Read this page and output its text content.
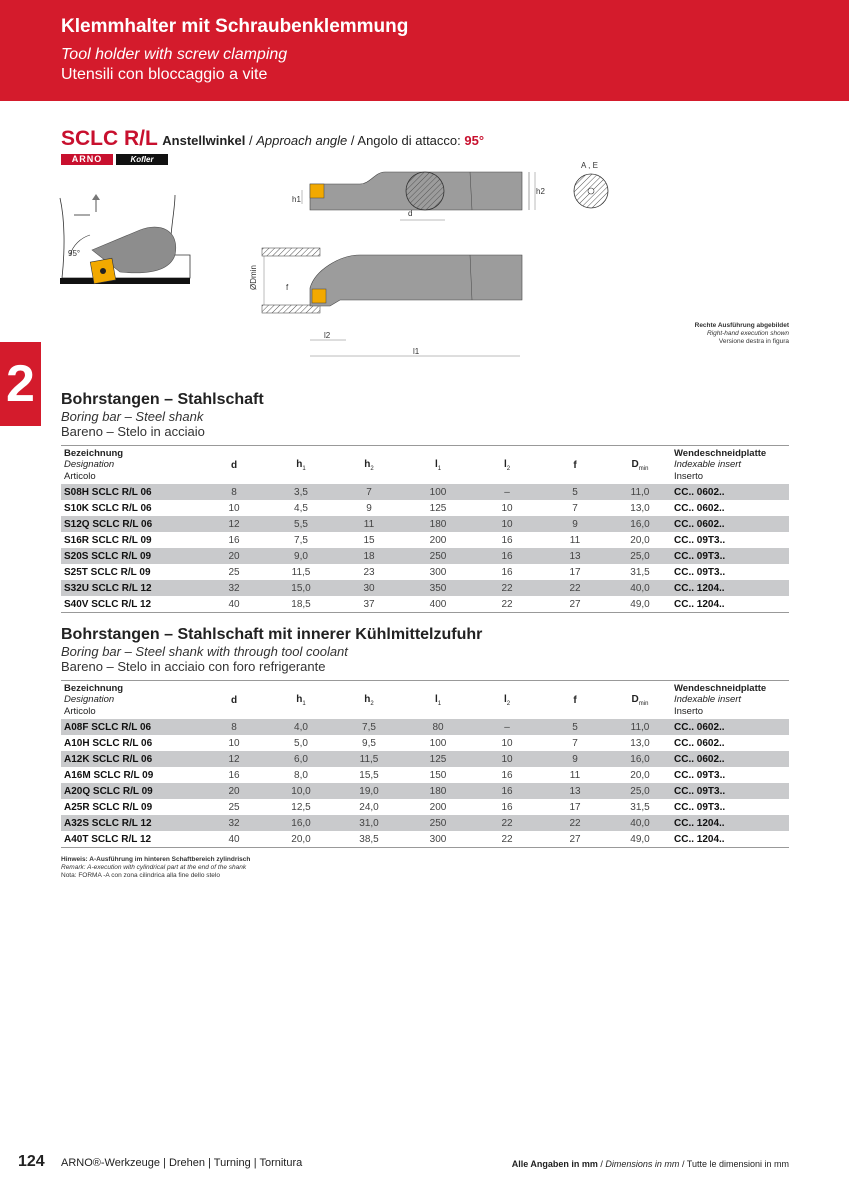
Klemmhalter mit Schraubenklemmung
Tool holder with screw clamping
Utensili con bloccaggio a vite
SCLC R/L Anstellwinkel / Approach angle / Angolo di attacco: 95°
ARNO	Kofler
95°
h2
h1
d
A , E
ØDmin	f
l2
l1
Rechte Ausführung abgebildet
Right-hand execution shown
Versione destra in figura
2	Bohrstangen – Stahlschaft
Boring bar – Steel shank
Bareno – Stelo in acciaio
Bezeichnung
Designation
Articolo	d	$h_1$	$h_2$	$l_1$	$l_2$	f	$D_{min}$	Wendeschneidplatte
Indexable insert
Inserto
S08H SCLC R/L 06	8	3,5	7	100	–	5	11,0	CC.. 0602..
S10K SCLC R/L 06	10	4,5	9	125	10	7	13,0	CC.. 0602..
S12Q SCLC R/L 06	12	5,5	11	180	10	9	16,0	CC.. 0602..
S16R SCLC R/L 09	16	7,5	15	200	16	11	20,0	CC.. 09T3..
S20S SCLC R/L 09	20	9,0	18	250	16	13	25,0	CC.. 09T3..
S25T SCLC R/L 09	25	11,5	23	300	16	17	31,5	CC.. 09T3..
S32U SCLC R/L 12	32	15,0	30	350	22	22	40,0	CC.. 1204..
S40V SCLC R/L 12	40	18,5	37	400	22	27	49,0	CC.. 1204..
Bohrstangen – Stahlschaft mit innerer Kühlmittelzufuhr
Boring bar – Steel shank with through tool coolant
Bareno – Stelo in acciaio con foro refrigerante
Bezeichnung
Designation
Articolo	d	$h_1$	$h_2$	$l_1$	$l_2$	f	$D_{min}$	Wendeschneidplatte
Indexable insert
Inserto
A08F SCLC R/L 06	8	4,0	7,5	80	–	5	11,0	CC.. 0602..
A10H SCLC R/L 06	10	5,0	9,5	100	10	7	13,0	CC.. 0602..
A12K SCLC R/L 06	12	6,0	11,5	125	10	9	16,0	CC.. 0602..
A16M SCLC R/L 09	16	8,0	15,5	150	16	11	20,0	CC.. 09T3..
A20Q SCLC R/L 09	20	10,0	19,0	180	16	13	25,0	CC.. 09T3..
A25R SCLC R/L 09	25	12,5	24,0	200	16	17	31,5	CC.. 09T3..
A32S SCLC R/L 12	32	16,0	31,0	250	22	22	40,0	CC.. 1204..
A40T SCLC R/L 12	40	20,0	38,5	300	22	27	49,0	CC.. 1204..
Hinweis: A-Ausführung im hinteren Schaftbereich zylindrisch
Remark: A-execution with cylindrical part at the end of the shank
Nota: FORMA -A con zona cilindrica alla fine dello stelo
124 ARNO®-Werkzeuge | Drehen | Turning | Tornitura	Alle Angaben in mm / Dimensions in mm / Tutte le dimensioni in mm
